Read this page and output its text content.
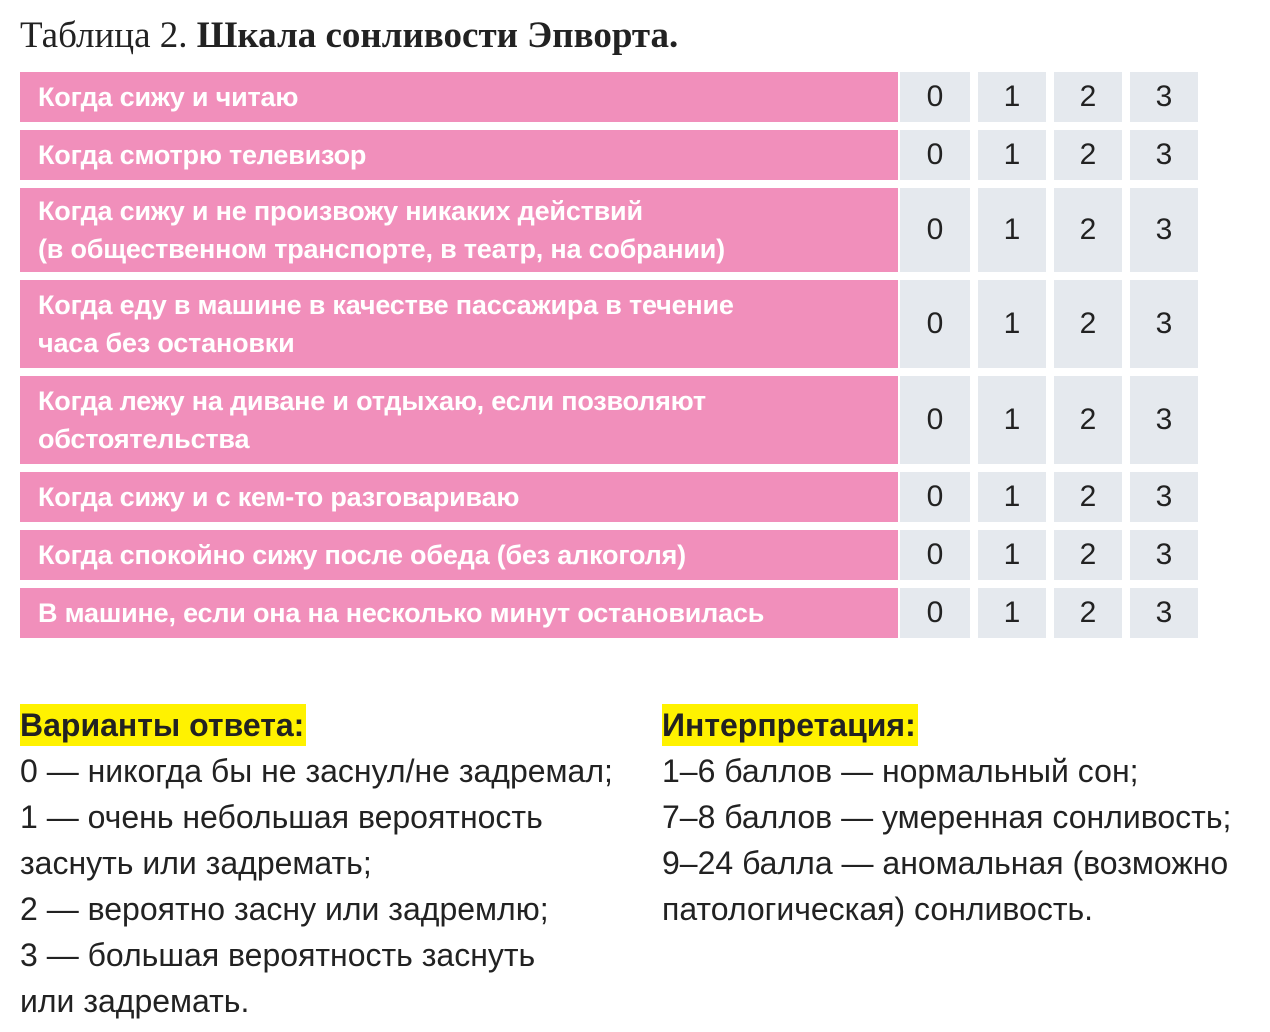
Таблица 2. Шкала сонливости Эпворта.
Когда сижу и читаю	0	1	2	3
Когда смотрю телевизор	0	1	2	3
Когда сижу и не произвожу никаких действий
(в общественном транспорте, в театр, на собрании)
0	1	2	3
Когда еду в машине в качестве пассажира в течение
часа без остановки
0	1	2	3
Когда лежу на диване и отдыхаю, если позволяют
обстоятельства
0	1	2	3
Когда сижу и с кем-то разговариваю	0	1	2	3
Когда спокойно сижу после обеда (без алкоголя)	0	1	2	3
В машине, если она на несколько минут остановилась	0	1	2	3
Варианты ответа:
0 — никогда бы не заснул/не задремал;
1 — очень небольшая вероятность
заснуть или задремать;
2 — вероятно засну или задремлю;
3 — большая вероятность заснуть
или задремать.
Интерпретация:
1–6 баллов — нормальный сон;
7–8 баллов — умеренная сонливость;
9–24 балла — аномальная (возможно
патологическая) сонливость.
